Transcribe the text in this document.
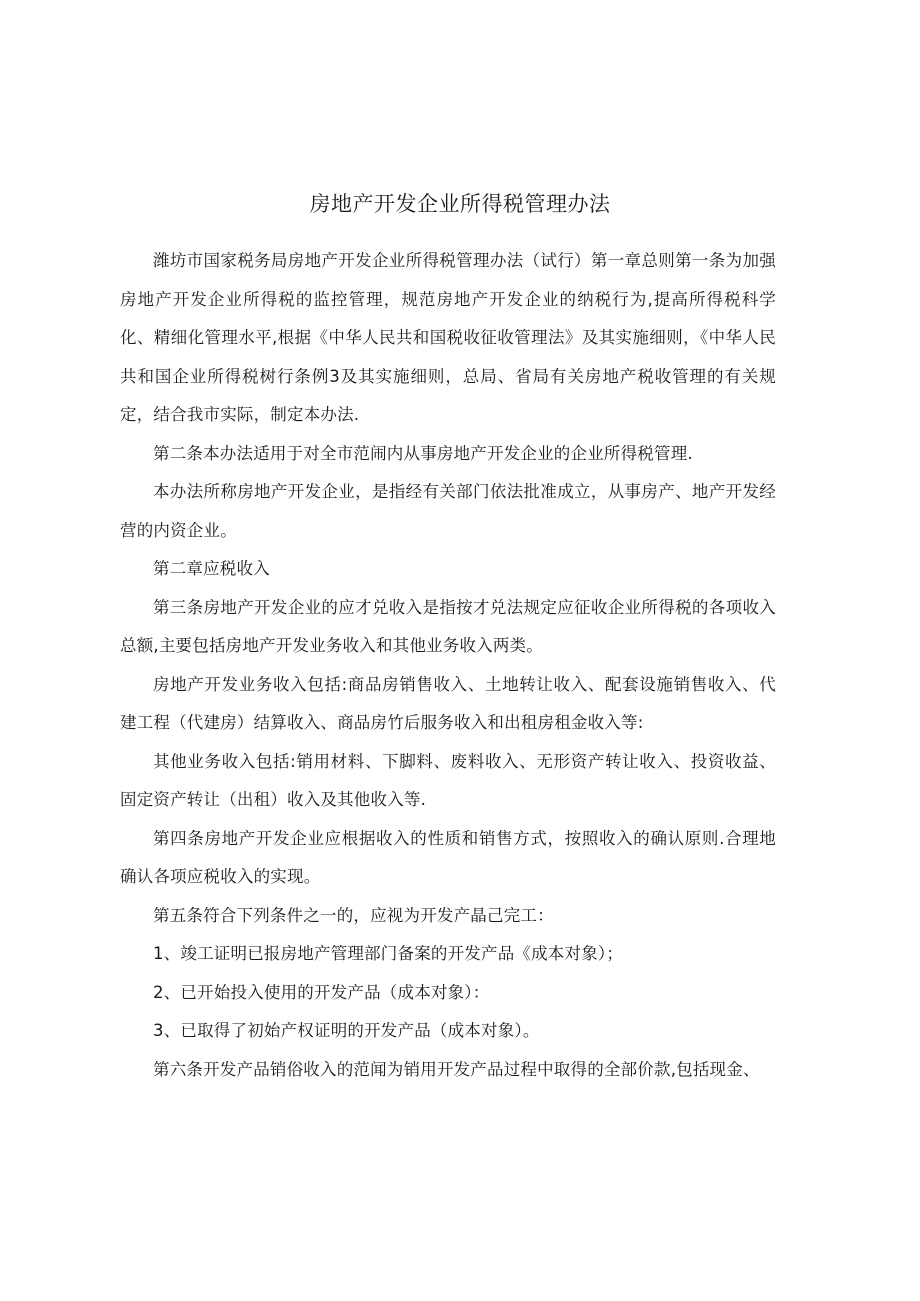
房地产开发企业所得税管理办法

潍坊市国家税务局房地产开发企业所得税管理办法（试行）第一章总则第一条为加强房地产开发企业所得税的监控管理，规范房地产开发企业的纳税行为,提高所得税科学化、精细化管理水平,根据《中华人民共和国税收征收管理法》及其实施细则，《中华人民共和国企业所得税树行条例3及其实施细则，总局、省局有关房地产税收管理的有关规定，结合我市实际，制定本办法.

第二条本办法适用于对全市范闹内从事房地产开发企业的企业所得税管理.

本办法所称房地产开发企业，是指经有关部门依法批准成立，从事房产、地产开发经营的内资企业。

第二章应税收入

第三条房地产开发企业的应才兑收入是指按才兑法规定应征收企业所得税的各项收入总额,主要包括房地产开发业务收入和其他业务收入两类。

房地产开发业务收入包括:商品房销售收入、土地转让收入、配套设施销售收入、代建工程（代建房）结算收入、商品房竹后服务收入和出租房租金收入等:

其他业务收入包括:销用材料、下脚料、废料收入、无形资产转让收入、投资收益、固定资产转让（出租）收入及其他收入等.

第四条房地产开发企业应根据收入的性质和销售方式，按照收入的确认原则.合理地确认各项应税收入的实现。

第五条符合下列条件之一的，应视为开发产晶己完工：

1、竣工证明已报房地产管理部门备案的开发产品《成本对象）；

2、已开始投入使用的开发产品（成本对象）：

3、已取得了初始产权证明的开发产品（成本对象）。

第六条开发产品销俗收入的范闻为销用开发产品过程中取得的全部价款,包括现金、
